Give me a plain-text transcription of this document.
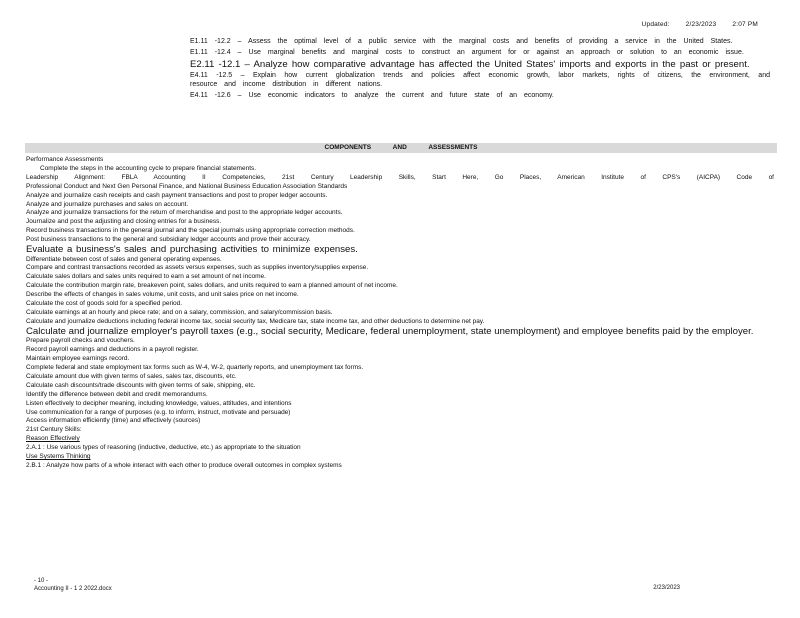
Updated: 2/23/2023 2:07 PM

E1.11 -12.2 – Assess the optimal level of a public service with the marginal costs and benefits of providing a service in the United States.

E1.11 -12.4 – Use marginal benefits and marginal costs to construct an argument for or against an approach or solution to an economic issue.

E2.11 -12.1 – Analyze how comparative advantage has affected the United States' imports and exports in the past or present.

E4.11 -12.5 – Explain how current globalization trends and policies affect economic growth, labor markets, rights of citizens, the environment, and resource and income distribution in different nations.

E4.11 -12.6 – Use economic indicators to analyze the current and future state of an economy.

COMPONENTS AND ASSESSMENTS
Performance Assessments
Complete the steps in the accounting cycle to prepare financial statements.
Leadership Alignment: FBLA Accounting II Competencies, 21st Century Leadership Skills, Start Here, Go Places, American Institute of CPS's (AICPA) Code of
Professional Conduct and Next Gen Personal Finance, and National Business Education Association Standards
Analyze and journalize cash receipts and cash payment transactions and post to proper ledger accounts.
Analyze and journalize purchases and sales on account.
Analyze and journalize transactions for the return of merchandise and post to the appropriate ledger accounts.
Journalize and post the adjusting and closing entries for a business.
Record business transactions in the general journal and the special journals using appropriate correction methods.
Post business transactions to the general and subsidiary ledger accounts and prove their accuracy.
Evaluate a business's sales and purchasing activities to minimize expenses.
Differentiate between cost of sales and general operating expenses.
Compare and contrast transactions recorded as assets versus expenses, such as supplies inventory/supplies expense.
Calculate sales dollars and sales units required to earn a set amount of net income.
Calculate the contribution margin rate, breakeven point, sales dollars, and units required to earn a planned amount of net income.
Describe the effects of changes in sales volume, unit costs, and unit sales price on net income.
Calculate the cost of goods sold for a specified period.
Calculate earnings at an hourly and piece rate; and on a salary, commission, and salary/commission basis.
Calculate and journalize deductions including federal income tax, social security tax, Medicare tax, state income tax, and other deductions to determine net pay.
Calculate and journalize employer's payroll taxes (e.g., social security, Medicare, federal unemployment, state unemployment) and employee benefits paid by the employer.
Prepare payroll checks and vouchers.
Record payroll earnings and deductions in a payroll register.
Maintain employee earnings record.
Complete federal and state employment tax forms such as W-4, W-2, quarterly reports, and unemployment tax forms.
Calculate amount due with given terms of sales, sales tax, discounts, etc.
Calculate cash discounts/trade discounts with given terms of sale, shipping, etc.
Identify the difference between debit and credit memorandums.
Listen effectively to decipher meaning, including knowledge, values, attitudes, and intentions
Use communication for a range of purposes (e.g. to inform, instruct, motivate and persuade)
Access information efficiently (time) and effectively (sources)
21st Century Skills:
Reason Effectively
2.A.1 : Use various types of reasoning (inductive, deductive, etc.) as appropriate to the situation
Use Systems Thinking
2.B.1 : Analyze how parts of a whole interact with each other to produce overall outcomes in complex systems
- 10 -
Accounting II - 1 2 2022.docx	2/23/2023
